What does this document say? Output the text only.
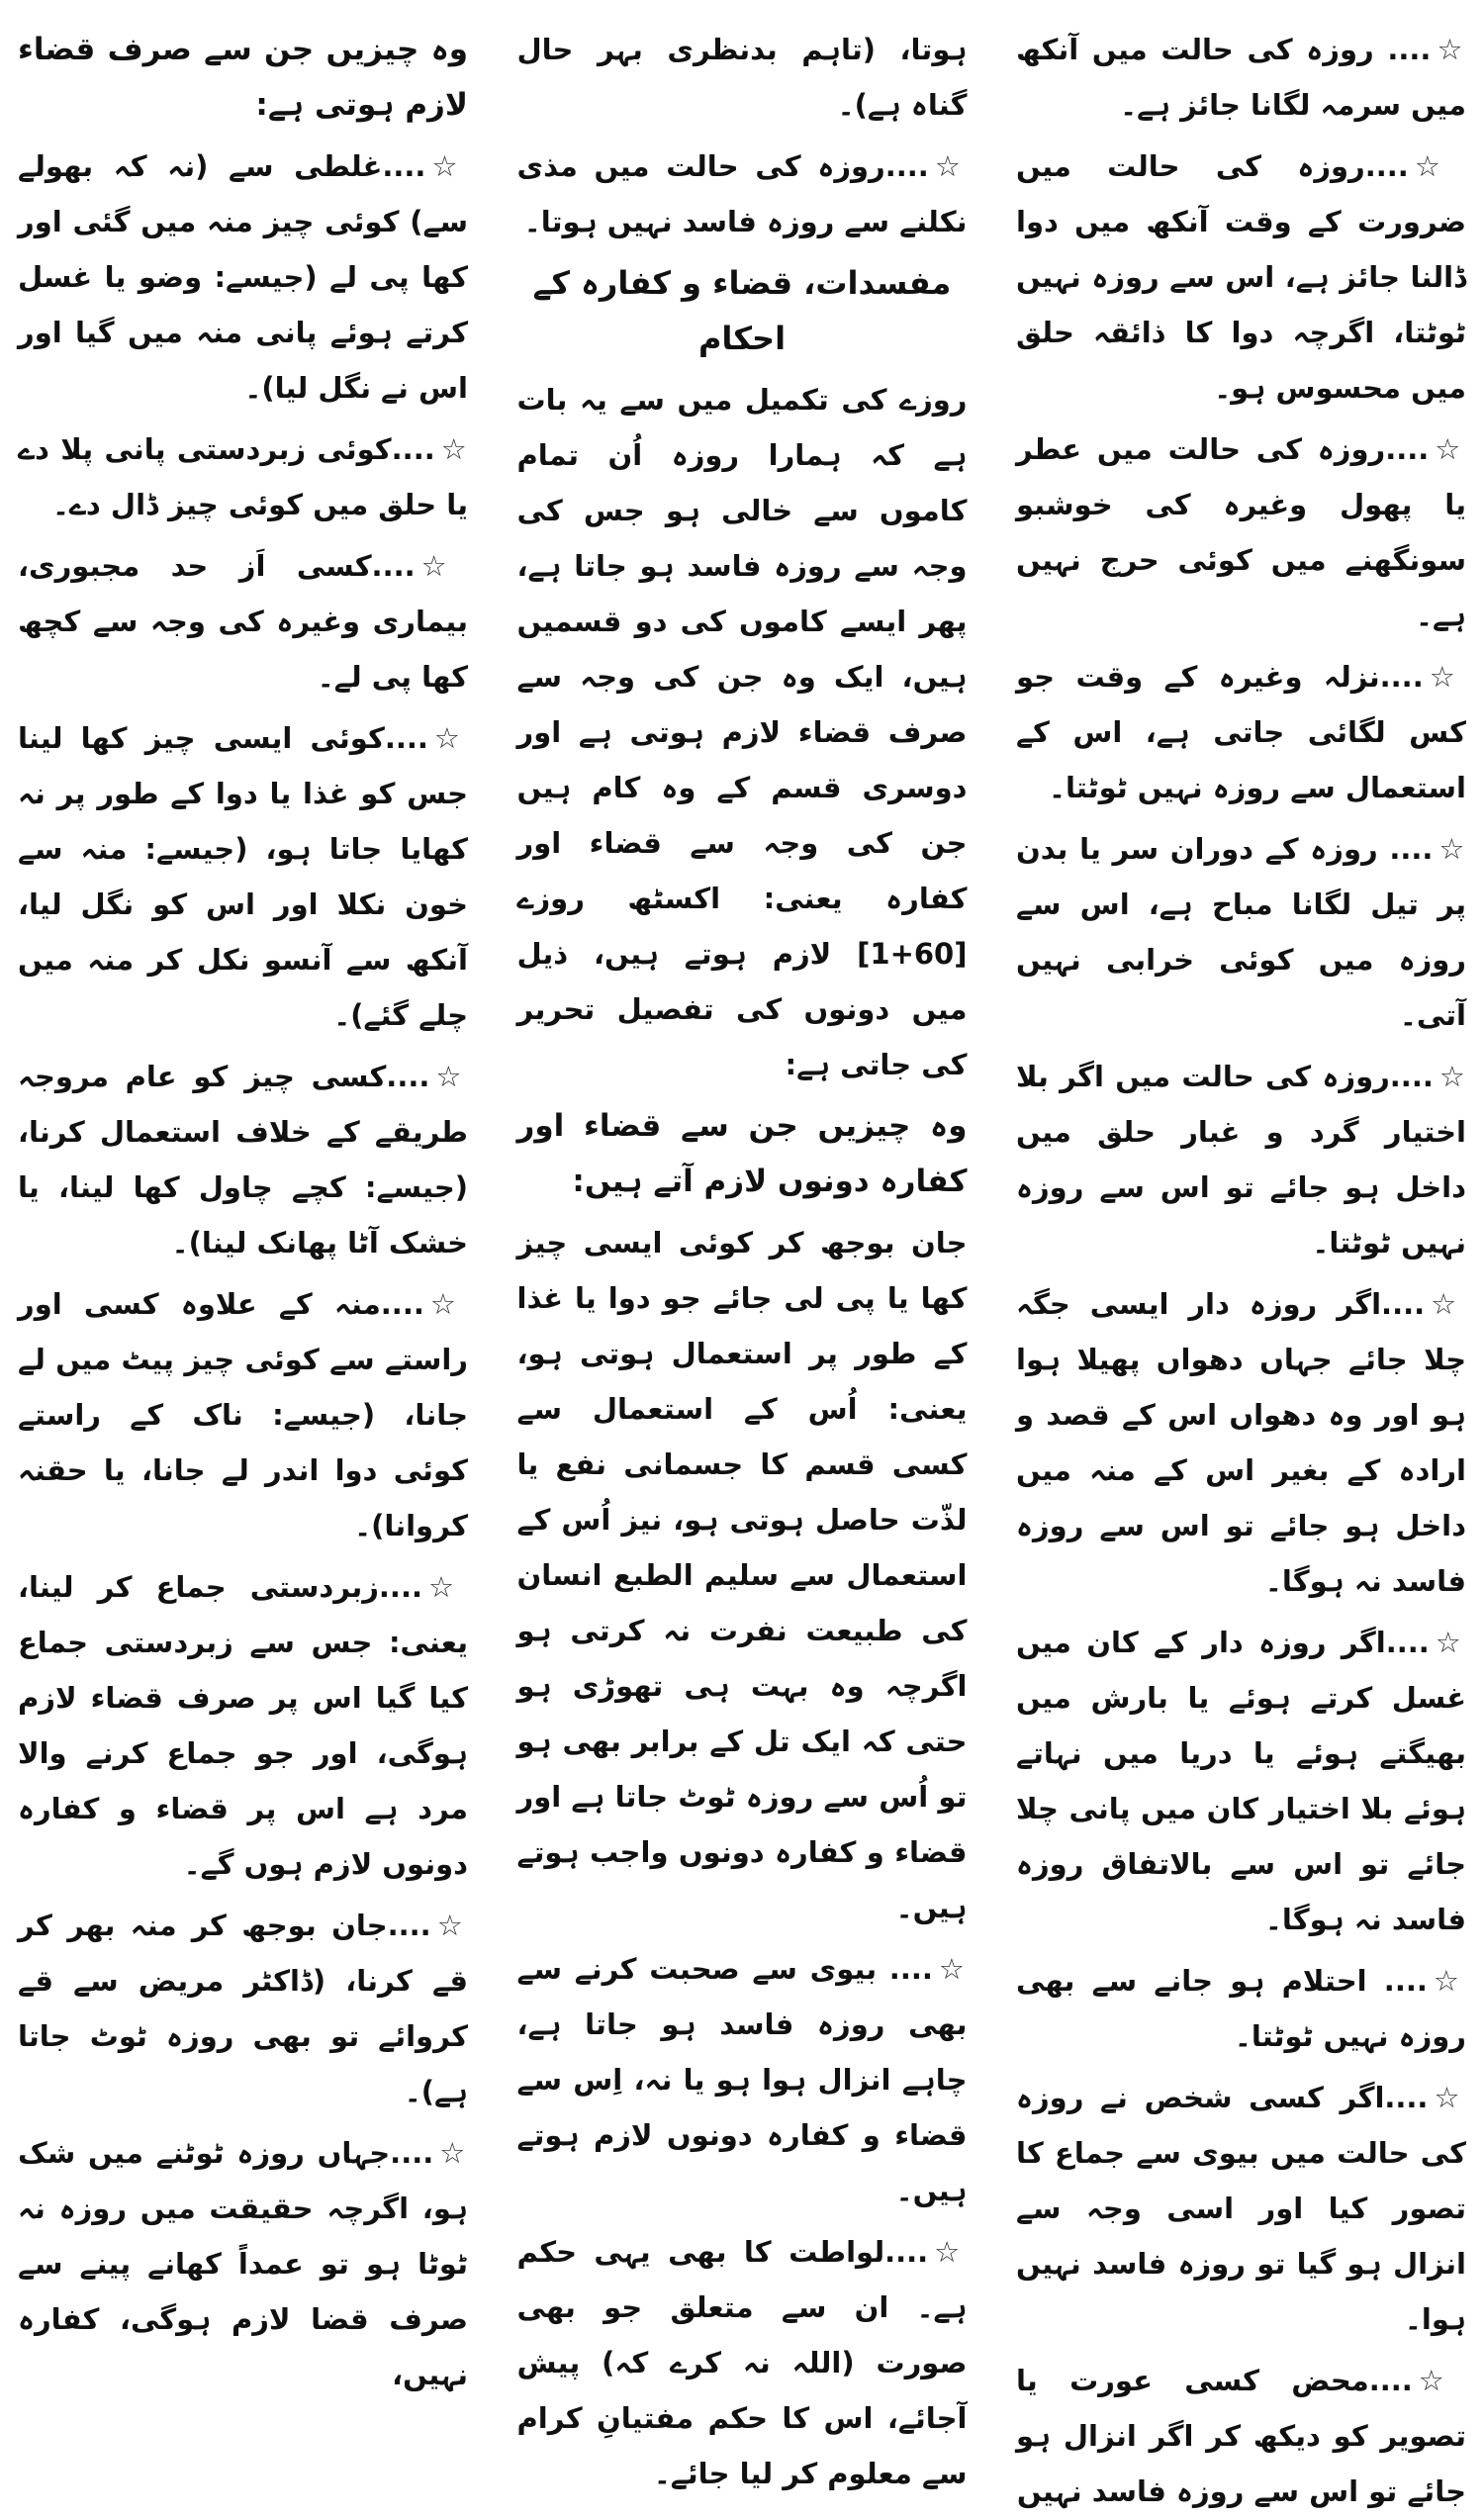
☆.... روزہ کی حالت میں آنکھ میں سرمہ لگانا جائز ہے۔

☆....روزہ کی حالت میں ضرورت کے وقت آنکھ میں دوا ڈالنا جائز ہے، اس سے روزہ نہیں ٹوٹتا، اگرچہ دوا کا ذائقہ حلق میں محسوس ہو۔

☆....روزہ کی حالت میں عطر یا پھول وغیرہ کی خوشبو سونگھنے میں کوئی حرج نہیں ہے۔

☆....نزلہ وغیرہ کے وقت جو کس لگائی جاتی ہے، اس کے استعمال سے روزہ نہیں ٹوٹتا۔

☆.... روزہ کے دوران سر یا بدن پر تیل لگانا مباح ہے، اس سے روزہ میں کوئی خرابی نہیں آتی۔

☆....روزہ کی حالت میں اگر بلا اختیار گرد و غبار حلق میں داخل ہو جائے تو اس سے روزہ نہیں ٹوٹتا۔

☆....اگر روزہ دار ایسی جگہ چلا جائے جہاں دھواں پھیلا ہوا ہو اور وہ دھواں اس کے قصد و ارادہ کے بغیر اس کے منہ میں داخل ہو جائے تو اس سے روزہ فاسد نہ ہوگا۔

☆....اگر روزہ دار کے کان میں غسل کرتے ہوئے یا بارش میں بھیگتے ہوئے یا دریا میں نہاتے ہوئے بلا اختیار کان میں پانی چلا جائے تو اس سے بالاتفاق روزہ فاسد نہ ہوگا۔

☆.... احتلام ہو جانے سے بھی روزہ نہیں ٹوٹتا۔

☆....اگر کسی شخص نے روزہ کی حالت میں بیوی سے جماع کا تصور کیا اور اسی وجہ سے انزال ہو گیا تو روزہ فاسد نہیں ہوا۔

☆....محض کسی عورت یا تصویر کو دیکھ کر اگر انزال ہو جائے تو اس سے روزہ فاسد نہیں

ہوتا، (تاہم بدنظری بہر حال گناہ ہے)۔

☆....روزہ کی حالت میں مذی نکلنے سے روزہ فاسد نہیں ہوتا۔

مفسدات، قضاء و کفارہ کے احکام

روزے کی تکمیل میں سے یہ بات ہے کہ ہمارا روزہ اُن تمام کاموں سے خالی ہو جس کی وجہ سے روزہ فاسد ہو جاتا ہے، پھر ایسے کاموں کی دو قسمیں ہیں، ایک وہ جن کی وجہ سے صرف قضاء لازم ہوتی ہے اور دوسری قسم کے وہ کام ہیں جن کی وجہ سے قضاء اور کفارہ یعنی: اکسٹھ روزے [60+1] لازم ہوتے ہیں، ذیل میں دونوں کی تفصیل تحریر کی جاتی ہے:

وہ چیزیں جن سے قضاء اور کفارہ دونوں لازم آتے ہیں:

جان بوجھ کر کوئی ایسی چیز کھا یا پی لی جائے جو دوا یا غذا کے طور پر استعمال ہوتی ہو، یعنی: اُس کے استعمال سے کسی قسم کا جسمانی نفع یا لذّت حاصل ہوتی ہو، نیز اُس کے استعمال سے سلیم الطبع انسان کی طبیعت نفرت نہ کرتی ہو اگرچہ وہ بہت ہی تھوڑی ہو حتی کہ ایک تل کے برابر بھی ہو تو اُس سے روزہ ٹوٹ جاتا ہے اور قضاء و کفارہ دونوں واجب ہوتے ہیں۔

☆.... بیوی سے صحبت کرنے سے بھی روزہ فاسد ہو جاتا ہے، چاہے انزال ہوا ہو یا نہ، اِس سے قضاء و کفارہ دونوں لازم ہوتے ہیں۔

☆....لواطت کا بھی یہی حکم ہے۔ ان سے متعلق جو بھی صورت (اللہ نہ کرے کہ) پیش آجائے، اس کا حکم مفتیانِ کرام سے معلوم کر لیا جائے۔

وہ چیزیں جن سے صرف قضاء لازم ہوتی ہے:

☆....غلطی سے (نہ کہ بھولے سے) کوئی چیز منہ میں گئی اور کھا پی لے (جیسے: وضو یا غسل کرتے ہوئے پانی منہ میں گیا اور اس نے نگل لیا)۔

☆....کوئی زبردستی پانی پلا دے یا حلق میں کوئی چیز ڈال دے۔

☆....کسی اَز حد مجبوری، بیماری وغیرہ کی وجہ سے کچھ کھا پی لے۔

☆....کوئی ایسی چیز کھا لینا جس کو غذا یا دوا کے طور پر نہ کھایا جاتا ہو، (جیسے: منہ سے خون نکلا اور اس کو نگل لیا، آنکھ سے آنسو نکل کر منہ میں چلے گئے)۔

☆....کسی چیز کو عام مروجہ طریقے کے خلاف استعمال کرنا، (جیسے: کچے چاول کھا لینا، یا خشک آٹا پھانک لینا)۔

☆....منہ کے علاوہ کسی اور راستے سے کوئی چیز پیٹ میں لے جانا، (جیسے: ناک کے راستے کوئی دوا اندر لے جانا، یا حقنہ کروانا)۔

☆....زبردستی جماع کر لینا، یعنی: جس سے زبردستی جماع کیا گیا اس پر صرف قضاء لازم ہوگی، اور جو جماع کرنے والا مرد ہے اس پر قضاء و کفارہ دونوں لازم ہوں گے۔

☆....جان بوجھ کر منہ بھر کر قے کرنا، (ڈاکٹر مریض سے قے کروائے تو بھی روزہ ٹوٹ جاتا ہے)۔

☆....جہاں روزہ ٹوٹنے میں شک ہو، اگرچہ حقیقت میں روزہ نہ ٹوٹا ہو تو عمداً کھانے پینے سے صرف قضا لازم ہوگی، کفارہ نہیں،
